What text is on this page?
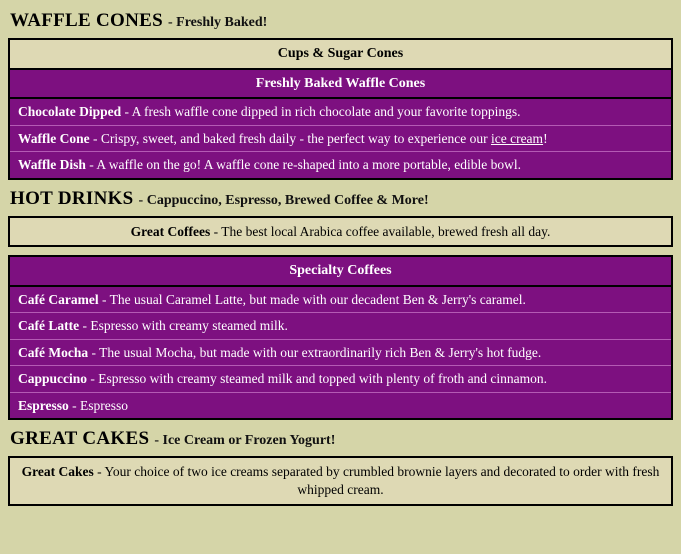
WAFFLE CONES - Freshly Baked!
Cups & Sugar Cones
Freshly Baked Waffle Cones
Chocolate Dipped - A fresh waffle cone dipped in rich chocolate and your favorite toppings.
Waffle Cone - Crispy, sweet, and baked fresh daily - the perfect way to experience our ice cream!
Waffle Dish - A waffle on the go! A waffle cone re-shaped into a more portable, edible bowl.
HOT DRINKS - Cappuccino, Espresso, Brewed Coffee & More!
Great Coffees - The best local Arabica coffee available, brewed fresh all day.
Specialty Coffees
Café Caramel - The usual Caramel Latte, but made with our decadent Ben & Jerry's caramel.
Café Latte - Espresso with creamy steamed milk.
Café Mocha - The usual Mocha, but made with our extraordinarily rich Ben & Jerry's hot fudge.
Cappuccino - Espresso with creamy steamed milk and topped with plenty of froth and cinnamon.
Espresso - Espresso
GREAT CAKES - Ice Cream or Frozen Yogurt!
Great Cakes - Your choice of two ice creams separated by crumbled brownie layers and decorated to order with fresh whipped cream.
